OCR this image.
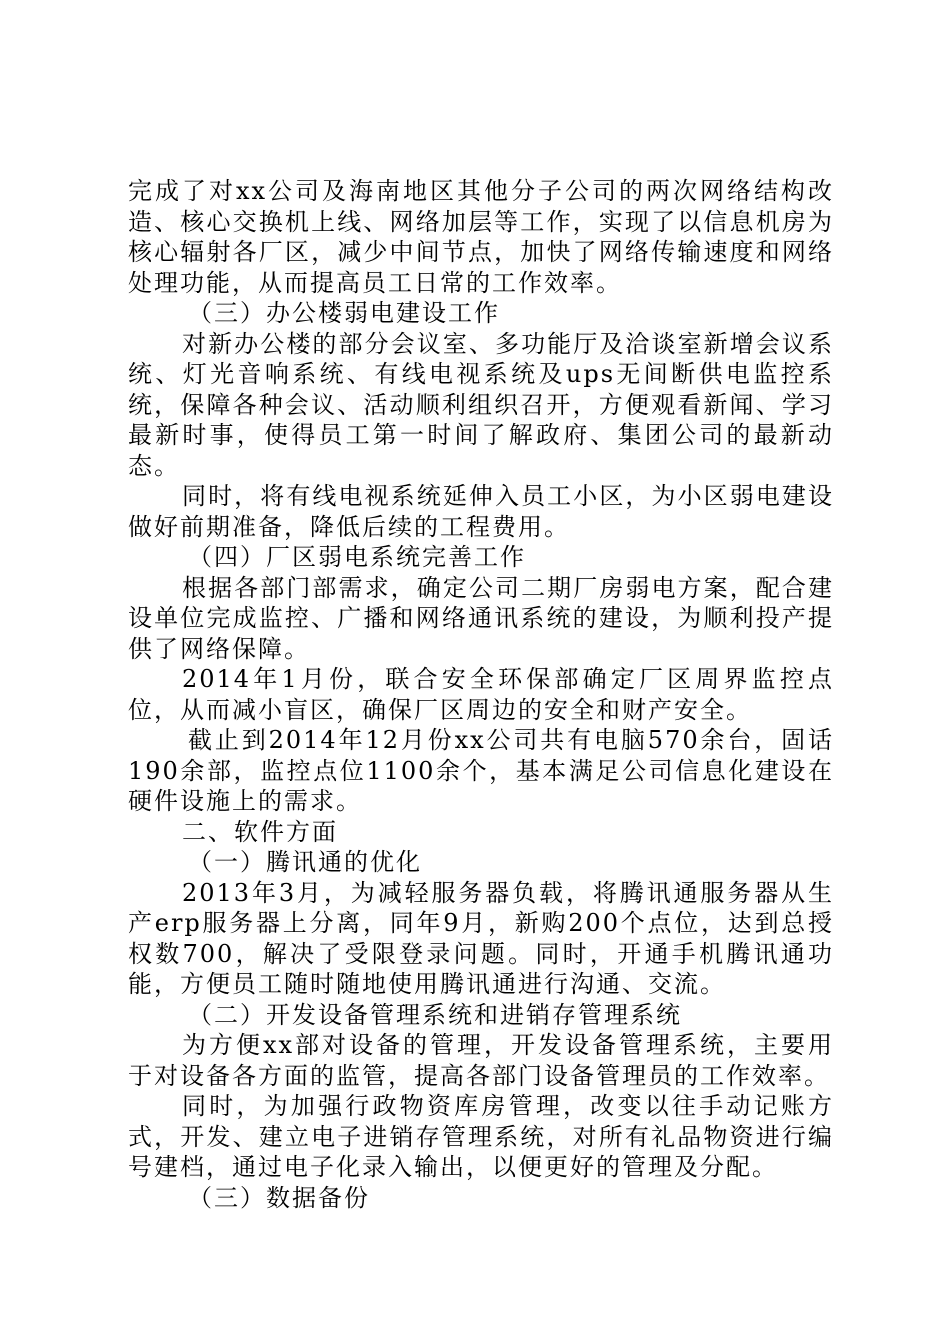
完成了对xx公司及海南地区其他分子公司的两次网络结构改造、核心交换机上线、网络加层等工作，实现了以信息机房为核心辐射各厂区，减少中间节点，加快了网络传输速度和网络处理功能，从而提高员工日常的工作效率。

（三）办公楼弱电建设工作

对新办公楼的部分会议室、多功能厅及洽谈室新增会议系统、灯光音响系统、有线电视系统及ups无间断供电监控系统，保障各种会议、活动顺利组织召开，方便观看新闻、学习最新时事，使得员工第一时间了解政府、集团公司的最新动态。

同时，将有线电视系统延伸入员工小区，为小区弱电建设做好前期准备，降低后续的工程费用。

（四）厂区弱电系统完善工作

根据各部门部需求，确定公司二期厂房弱电方案，配合建设单位完成监控、广播和网络通讯系统的建设，为顺利投产提供了网络保障。

2014年1月份，联合安全环保部确定厂区周界监控点位，从而减小盲区，确保厂区周边的安全和财产安全。

截止到2014年12月份xx公司共有电脑570余台，固话190余部，监控点位1100余个，基本满足公司信息化建设在硬件设施上的需求。

二、软件方面

（一）腾讯通的优化

2013年3月，为减轻服务器负载，将腾讯通服务器从生产erp服务器上分离，同年9月，新购200个点位，达到总授权数700，解决了受限登录问题。同时，开通手机腾讯通功能，方便员工随时随地使用腾讯通进行沟通、交流。

（二）开发设备管理系统和进销存管理系统

为方便xx部对设备的管理，开发设备管理系统，主要用于对设备各方面的监管，提高各部门设备管理员的工作效率。

同时，为加强行政物资库房管理，改变以往手动记账方式，开发、建立电子进销存管理系统，对所有礼品物资进行编号建档，通过电子化录入输出，以便更好的管理及分配。

（三）数据备份
